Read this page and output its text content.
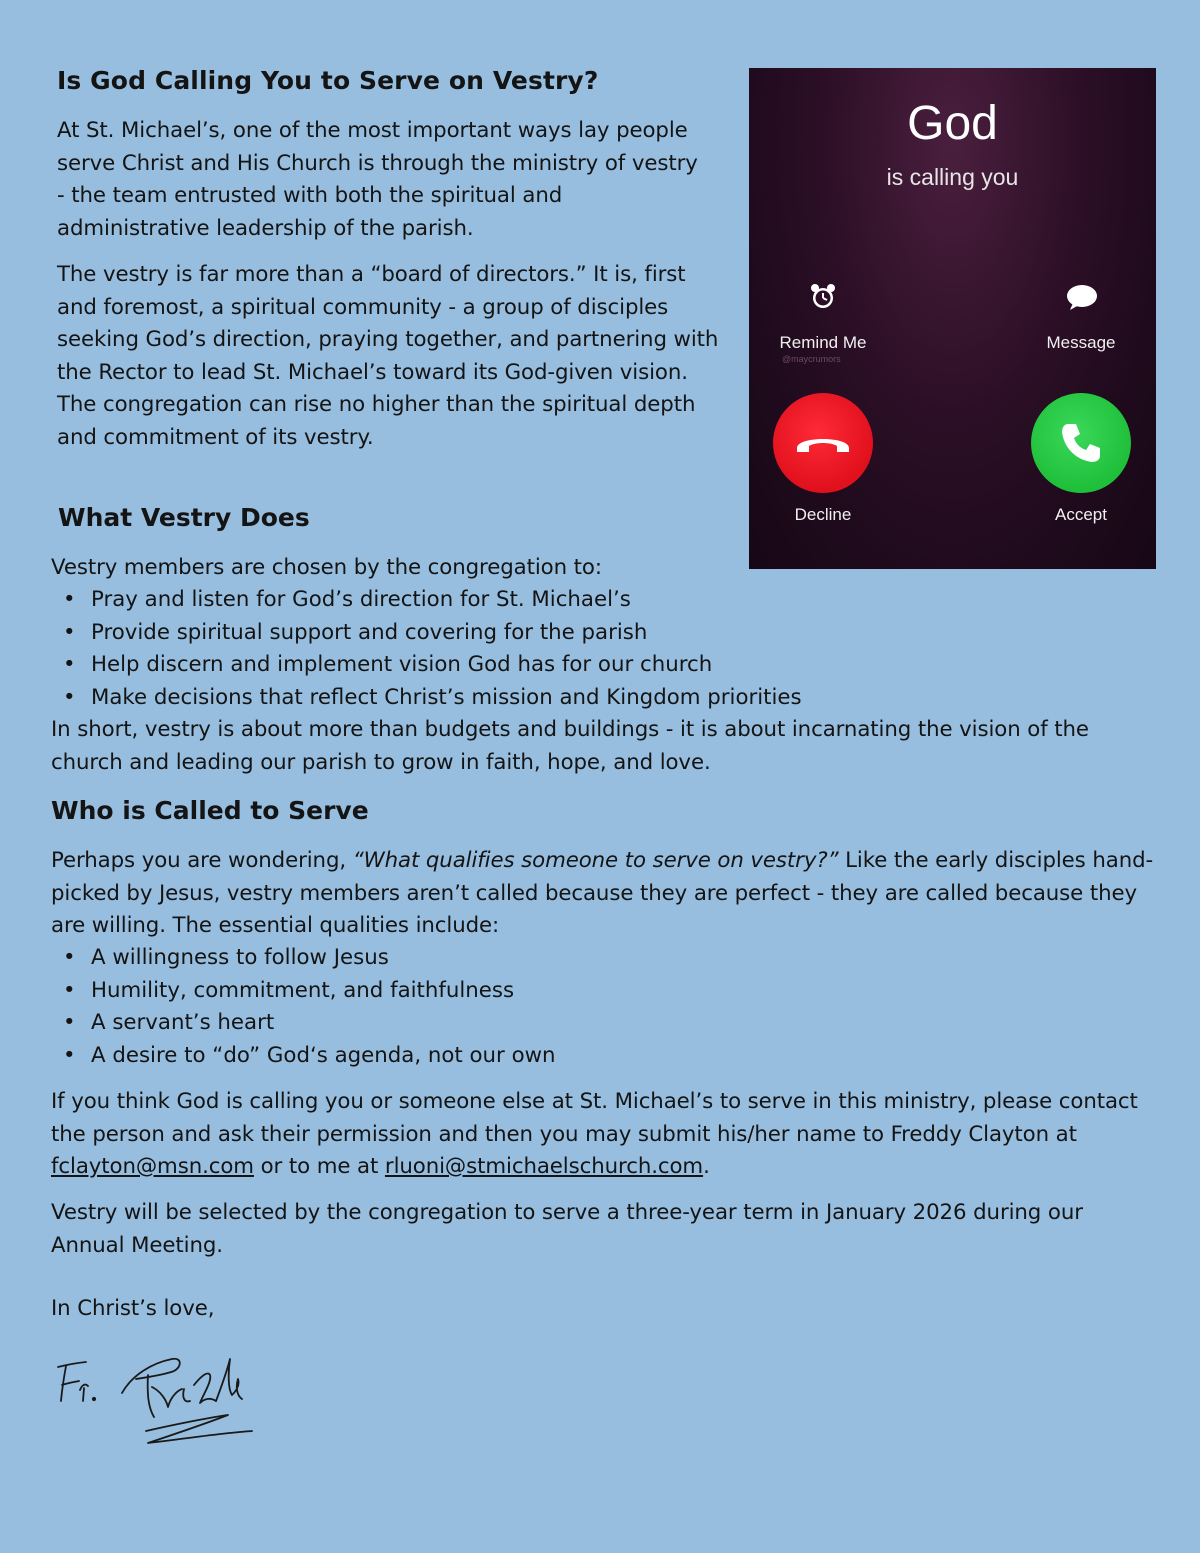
Is God Calling You to Serve on Vestry?

At St. Michael’s, one of the most important ways lay people serve Christ and His Church is through the ministry of vestry - the team entrusted with both the spiritual and administrative leadership of the parish.

The vestry is far more than a “board of directors.” It is, first and foremost, a spiritual community - a group of disciples seeking God’s direction, praying together, and partnering with the Rector to lead St. Michael’s toward its God-given vision. The congregation can rise no higher than the spiritual depth and commitment of its vestry.

God
is calling you
Remind Me
@maycrumors
Message
Decline	Accept
What Vestry Does

Vestry members are chosen by the congregation to:

• Pray and listen for God’s direction for St. Michael’s
• Provide spiritual support and covering for the parish
• Help discern and implement vision God has for our church
• Make decisions that reflect Christ’s mission and Kingdom priorities

In short, vestry is about more than budgets and buildings - it is about incarnating the vision of the church and leading our parish to grow in faith, hope, and love.

Who is Called to Serve

Perhaps you are wondering, “What qualifies someone to serve on vestry?” Like the early disciples hand-picked by Jesus, vestry members aren’t called because they are perfect - they are called because they are willing. The essential qualities include:

• A willingness to follow Jesus
• Humility, commitment, and faithfulness
• A servant’s heart
• A desire to “do” God‘s agenda, not our own

If you think God is calling you or someone else at St. Michael’s to serve in this ministry, please contact the person and ask their permission and then you may submit his/her name to Freddy Clayton at fclayton@msn.com or to me at rluoni@stmichaelschurch.com.

Vestry will be selected by the congregation to serve a three-year term in January 2026 during our Annual Meeting.

In Christ’s love,
